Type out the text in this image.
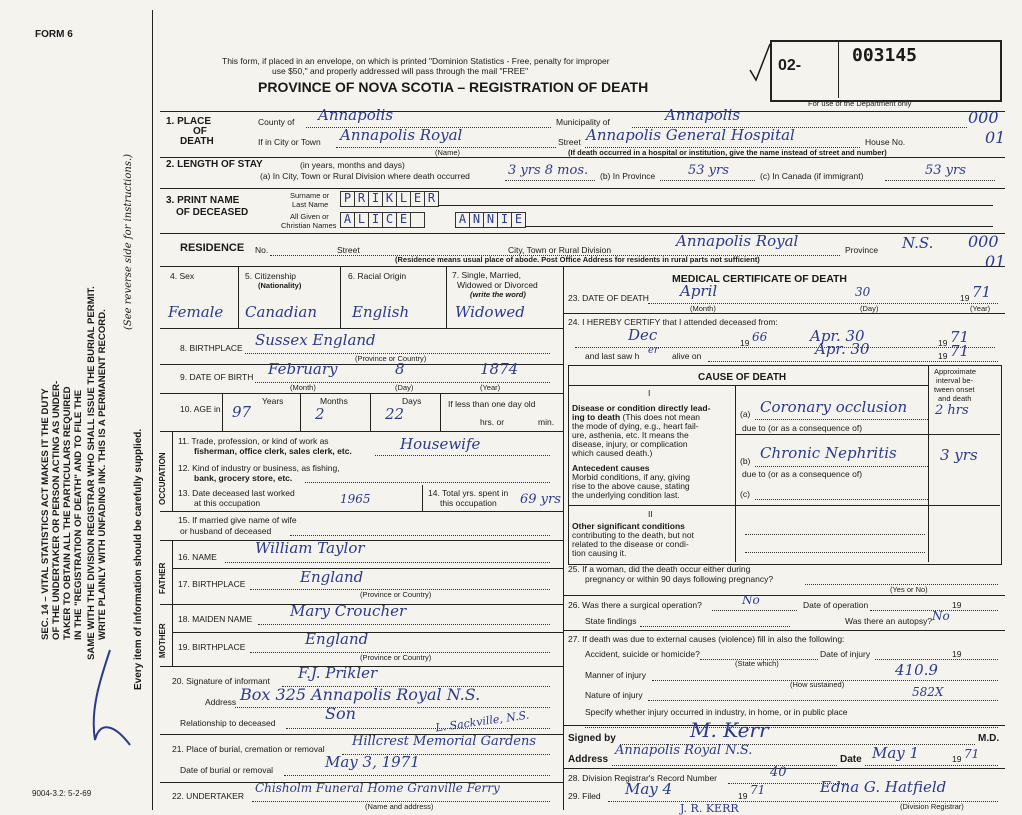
FORM 6
SEC. 14 – VITAL STATISTICS ACT MAKES IT THE DUTY OF THE UNDERTAKER OR PERSON ACTING AS UNDER- TAKER TO OBTAIN ALL THE PARTICULARS REQUIRED IN THE "REGISTRATION OF DEATH" AND TO FILE THE SAME WITH THE DIVISION REGISTRAR WHO SHALL ISSUE THE BURIAL PERMIT. WRITE PLAINLY WITH UNFADING INK. THIS IS A PERMANENT RECORD.
(See reverse side for instructions.)
Every item of information should be carefully supplied.
9004-3.2: 5-2-69
This form, if placed in an envelope, on which is printed "Dominion Statistics - Free, penalty for improper
use $50," and properly addressed will pass through the mail "FREE"
PROVINCE OF NOVA SCOTIA – REGISTRATION OF DEATH
02-	003145
For use of the Department only
1. PLACE
OF
DEATH
County of Annapolis	Municipality of	Annapolis	000
If in City or Town Annapolis Royal
(Name)
Street Annapolis General Hospital	House No.	01
(If death occurred in a hospital or institution, give the name instead of street and number)
2. LENGTH OF STAY	(in years, months and days)
(a) In City, Town or Rural Division where death occurred	3 yrs 8 mos. (b) In Province	53 yrs	(c) In Canada (if immigrant)	53 yrs
3. PRINT NAME
OF DECEASED
Surname or
Last Name
All Given or
Christian Names
P R I K L E R
A L I C E	A N N I E
RESIDENCE No.	Street	City, Town or Rural Division	Annapolis Royal	Province N.S. 000
01
(Residence means usual place of abode. Post Office Address for residents in rural parts not sufficient)
4. Sex	5. Citizenship
(Nationality)
6. Racial Origin	7. Single, Married,
Widowed or Divorced
(write the word)
Female Canadian English	Widowed
8. BIRTHPLACE Sussex England
(Province or Country)
9. DATE OF BIRTH February	8	1874
(Month)	(Day)	(Year)
10. AGE in
Years	Months	Days
97	2	22
If less than one day old
hrs. or	min.
OCCUPATION
11. Trade, profession, or kind of work as
fisherman, office clerk, sales clerk, etc.	Housewife
12. Kind of industry or business, as fishing,
bank, grocery store, etc.
13. Date deceased last worked
at this occupation	1965	14. Total yrs. spent in
this occupation 69 yrs
15. If married give name of wife
or husband of deceased
FATHER
16. NAME	William Taylor
17. BIRTHPLACE	England
(Province or Country)
MOTHER
18. MAIDEN NAME	Mary Croucher
19. BIRTHPLACE	England
(Province or Country)
20. Signature of informant F.J. Prikler
Address Box 325 Annapolis Royal N.S.
Relationship to deceased	Son	L. Sackville, N.S.
21. Place of burial, cremation or removal Hillcrest Memorial Gardens
Date of burial or removal	May 3, 1971
22. UNDERTAKER
Chisholm Funeral Home Granville Ferry
(Name and address)
MEDICAL CERTIFICATE OF DEATH
23. DATE OF DEATH April	30	19 71
(Month)	(Day)	(Year)
24. I HEREBY CERTIFY that I attended deceased from:
Dec	19 66	Apr. 30	19 71
and last saw h er alive on	Apr. 30	19 71
CAUSE OF DEATH
Approximate
interval be-
tween onset
and death
I
Disease or condition directly lead-
ing to death (This does not mean
the mode of dying, e.g., heart fail-
ure, asthenia, etc. It means the
disease, injury, or complication
which caused death.)
(a) Coronary occlusion 2 hrs
due to (or as a consequence of)
Antecedent causes
Morbid conditions, if any, giving
rise to the above cause, stating
the underlying condition last.
(b) Chronic Nephritis	3 yrs
due to (or as a consequence of)
(c)
II
Other significant conditions
contributing to the death, but not
related to the disease or condi-
tion causing it.
25. If a woman, did the death occur either during
pregnancy or within 90 days following pregnancy?
(Yes or No)
26. Was there a surgical operation?	No	Date of operation	19
State findings	Was there an autopsy? No
27. If death was due to external causes (violence) fill in also the following:
Accident, suicide or homicide?	Date of injury	19
(State which)
Manner of injury	410.9
(How sustained)
Nature of injury	582X
Specify whether injury occurred in industry, in home, or in public place
Signed by	M. Kerr	M.D.
Address
Annapolis Royal N.S.
Date May 1	19 71
28. Division Registrar's Record Number	40
29. Filed May 4	19 71	Edna G. Hatfield
(Division Registrar)
J. R. KERR
